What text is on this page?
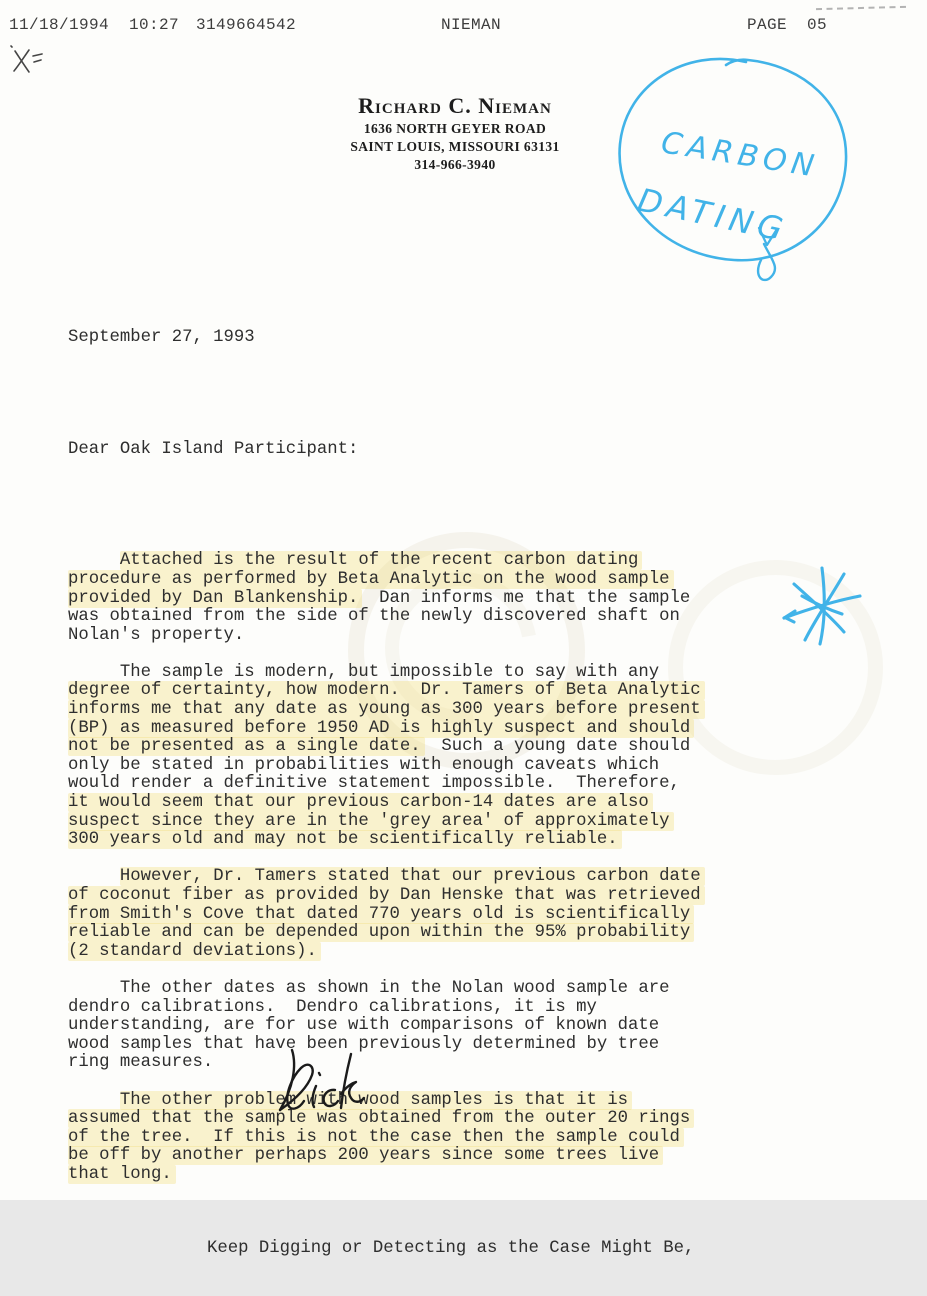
11/18/1994  10:27 3149664542	NIEMAN	PAGE  05
Richard C. Nieman
1636 NORTH GEYER ROAD
SAINT LOUIS, MISSOURI 63131
314-966-3940	CARBON
DATING

September 27, 1993

Dear Oak Island Participant:

Attached is the result of the recent carbon dating
procedure as performed by Beta Analytic on the wood sample
provided by Dan Blankenship.  Dan informs me that the sample
was obtained from the side of the newly discovered shaft on
Nolan's property.
The sample is modern, but impossible to say with any
degree of certainty, how modern.  Dr. Tamers of Beta Analytic
informs me that any date as young as 300 years before present
(BP) as measured before 1950 AD is highly suspect and should
not be presented as a single date.  Such a young date should
only be stated in probabilities with enough caveats which
would render a definitive statement impossible.  Therefore,
it would seem that our previous carbon-14 dates are also
suspect since they are in the 'grey area' of approximately
300 years old and may not be scientifically reliable.
However, Dr. Tamers stated that our previous carbon date
of coconut fiber as provided by Dan Henske that was retrieved
from Smith's Cove that dated 770 years old is scientifically
reliable and can be depended upon within the 95% probability
(2 standard deviations).
The other dates as shown in the Nolan wood sample are
dendro calibrations.  Dendro calibrations, it is my
understanding, are for use with comparisons of known date
wood samples that have been previously determined by tree
ring measures.
The other problem with wood samples is that it is
assumed that the sample was obtained from the outer 20 rings
of the tree.  If this is not the case then the sample could
be off by another perhaps 200 years since some trees live
that long.

Keep Digging or Detecting as the Case Might Be,
